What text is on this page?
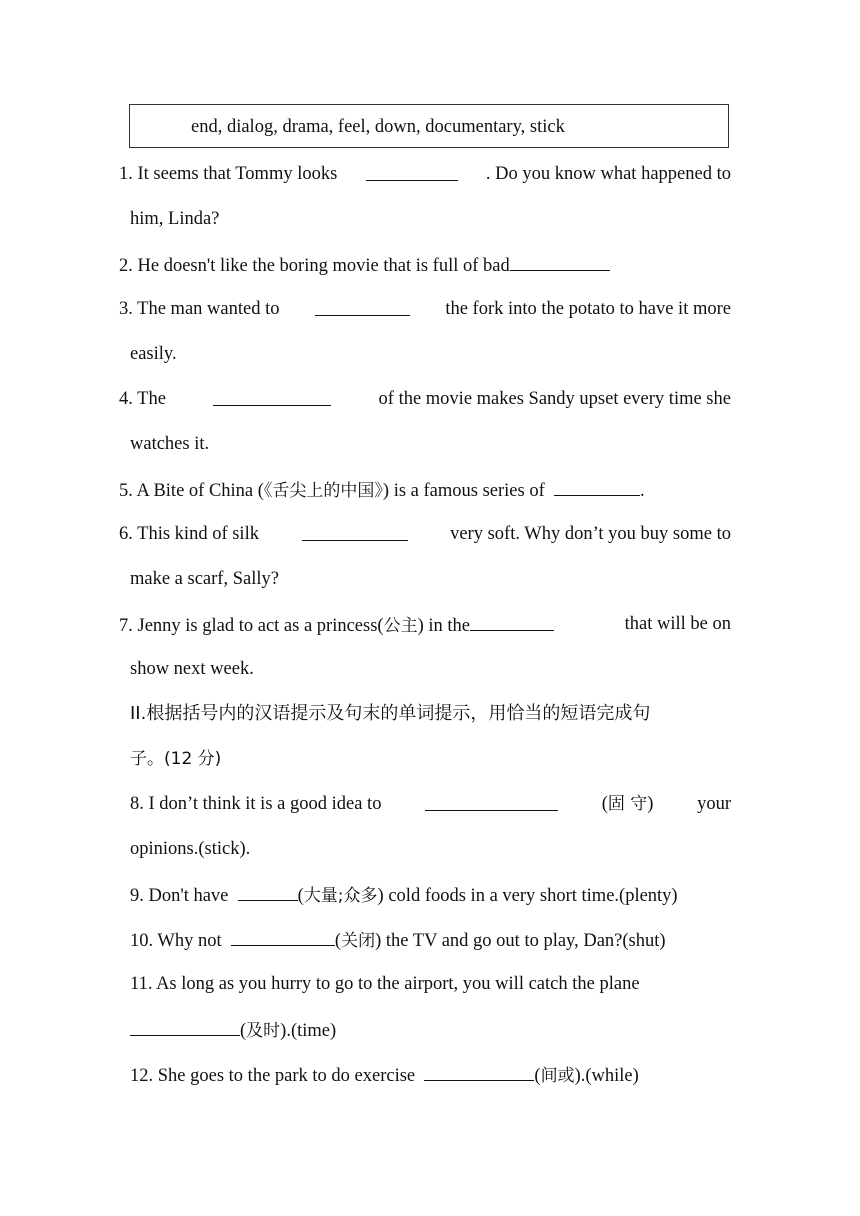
end, dialog, drama, feel, down, documentary, stick
1. It seems that Tommy looks	. Do you know what happened to
him, Linda?
2. He doesn't like the boring movie that is full of bad
3. The man wanted to	the fork into the potato to have it more
easily.
4. The	of the movie makes Sandy upset every time she
watches it.
5. A Bite of China (《舌尖上的中国》) is a famous series of	.
6. This kind of silk	very soft. Why don’t you buy some to
make a scarf, Sally?
7. Jenny is glad to act as a princess(公主) in the	that will be on
show next week.
II.根据括号内的汉语提示及句末的单词提示，用恰当的短语完成句
子。(12 分)
8. I don’t think it is a good idea to	(固 守) your
opinions.(stick).
9. Don't have	(大量;众多) cold foods in a very short time.(plenty)
10. Why not	(关闭) the TV and go out to play, Dan?(shut)
11. As long as you hurry to go to the airport, you will catch the plane
(及时).(time)
12. She goes to the park to do exercise	(间或).(while)
